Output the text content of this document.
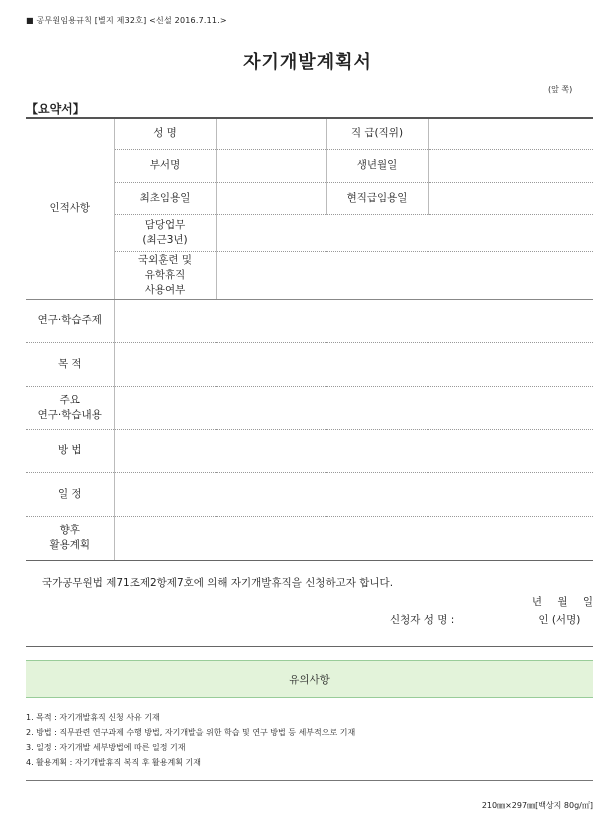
■ 공무원임용규칙 [별지 제32호] <신설 2016.7.11.>
자기개발계획서
(앞 쪽)
【요약서】
인적사항	성 명		직 급(직위)	
	부서명		생년월일	
	최초임용일		현직급임용일	

	담당업무
(최근3년)			

	국외훈련 및
유학휴직
사용여부			

연구·학습주제				
목 적				

주요
연구·학습내용				

방 법				
일 정				

향후
활용계획				

국가공무원법 제71조제2항제7호에 의해 자기개발휴직을 신청하고자 합니다.
년 월 일
신청자 성 명 :	인 (서명)
유의사항
1. 목적 : 자기개발휴직 신청 사유 기재
2. 방법 : 직무관련 연구과제 수행 방법, 자기개발을 위한 학습 및 연구 방법 등 세부적으로 기재
3. 일정 : 자기개발 세부방법에 따른 일정 기재
4. 활용계획 : 자기개발휴직 복직 후 활용계획 기재
210㎜×297㎜[백상지 80g/㎡]
